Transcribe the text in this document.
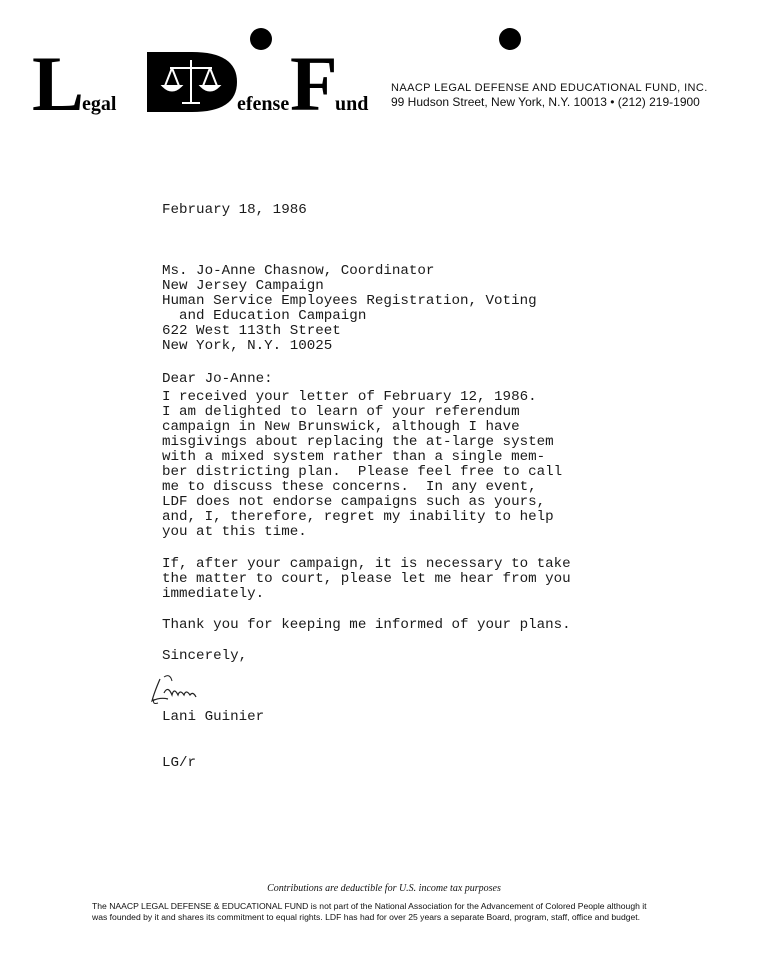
L
egal	efense F
und
NAACP LEGAL DEFENSE AND EDUCATIONAL FUND, INC.
99 Hudson Street, New York, N.Y. 10013 • (212) 219-1900
February 18, 1986
Ms. Jo-Anne Chasnow, Coordinator
New Jersey Campaign
Human Service Employees Registration, Voting
and Education Campaign
622 West 113th Street
New York, N.Y. 10025
Dear Jo-Anne:
I received your letter of February 12, 1986.
I am delighted to learn of your referendum
campaign in New Brunswick, although I have
misgivings about replacing the at-large system
with a mixed system rather than a single mem-
ber districting plan.  Please feel free to call
me to discuss these concerns.  In any event,
LDF does not endorse campaigns such as yours,
and, I, therefore, regret my inability to help
you at this time.
If, after your campaign, it is necessary to take
the matter to court, please let me hear from you
immediately.
Thank you for keeping me informed of your plans.
Sincerely,
Lani Guinier
LG/r
Contributions are deductible for U.S. income tax purposes
The NAACP LEGAL DEFENSE & EDUCATIONAL FUND is not part of the National Association for the Advancement of Colored People although it
was founded by it and shares its commitment to equal rights. LDF has had for over 25 years a separate Board, program, staff, office and budget.
